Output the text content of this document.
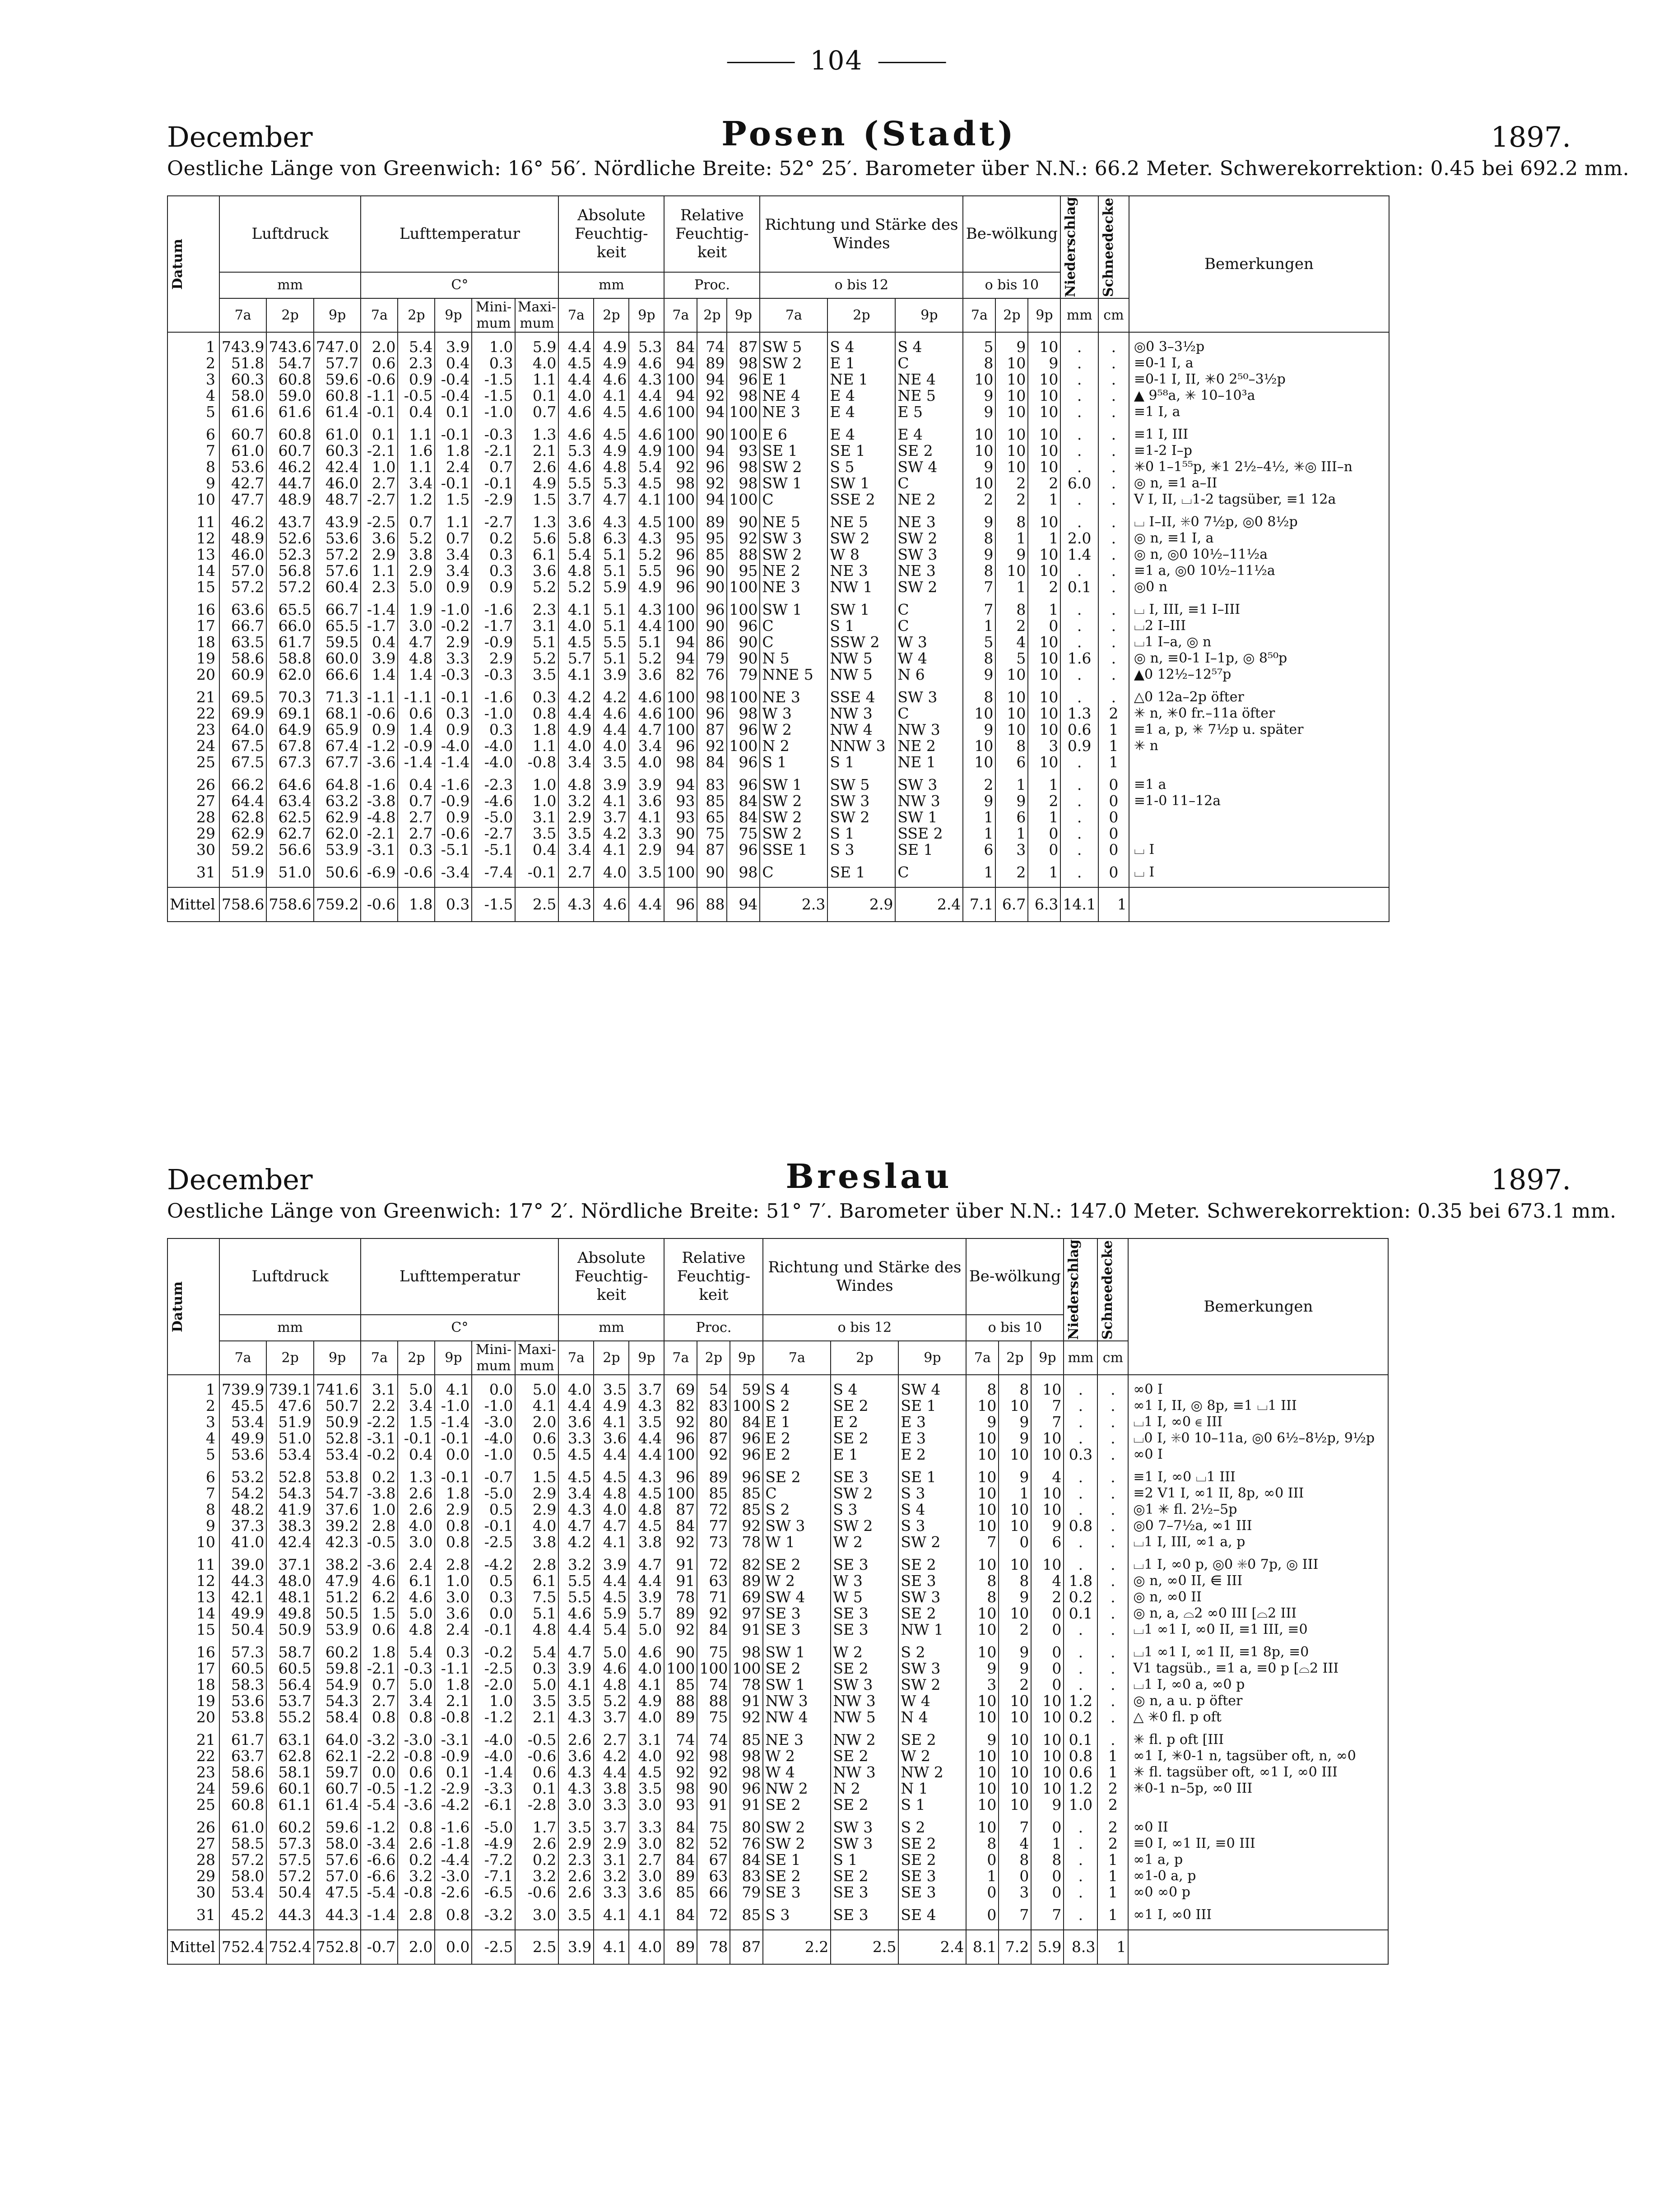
104
December	Posen (Stadt)	1897.
Oestliche Länge von Greenwich: 16° 56′. Nördliche Breite: 52° 25′. Barometer über N.N.: 66.2 Meter. Schwerekorrektion: 0.45 bei 692.2 mm.
Datum	Luftdruck			Lufttemperatur					Absolute Feuchtig-keit			Relative Feuchtig-keit			Richtung und Stärke des Windes			Be-wölkung			Niederschlag	Schneedecke	Bemerkungen
	mm			C°					mm			Proc.			o bis 12			o bis 10					
	7a	2p	9p	7a	2p	9p	Mini-mum	Maxi-mum	7a	2p	9p	7a	2p	9p	7a	2p	9p	7a	2p	9p	mm	cm	
1	743.9	743.6	747.0	2.0	5.4	3.9	1.0	5.9	4.4	4.9	5.3	84	74	87	SW 5	S 4	S 4	5	9	10	.	.	◎0 3–3½p
2	51.8	54.7	57.7	0.6	2.3	0.4	0.3	4.0	4.5	4.9	4.6	94	89	98	SW 2	E 1	C	8	10	9	.	.	≡0-1 I, a
3	60.3	60.8	59.6	-0.6	0.9	-0.4	-1.5	1.1	4.4	4.6	4.3	100	94	96	E 1	NE 1	NE 4	10	10	10	.	.	≡0-1 I, II, ✳0 2⁵⁰–3½p
4	58.0	59.0	60.8	-1.1	-0.5	-0.4	-1.5	0.1	4.0	4.1	4.4	94	92	98	NE 4	E 4	NE 5	9	10	10	.	.	▲ 9⁵⁸a, ✳ 10–10³a
5	61.6	61.6	61.4	-0.1	0.4	0.1	-1.0	0.7	4.6	4.5	4.6	100	94	100	NE 3	E 4	E 5	9	10	10	.	.	≡1 I, a
6	60.7	60.8	61.0	0.1	1.1	-0.1	-0.3	1.3	4.6	4.5	4.6	100	90	100	E 6	E 4	E 4	10	10	10	.	.	≡1 I, III
7	61.0	60.7	60.3	-2.1	1.6	1.8	-2.1	2.1	5.3	4.9	4.9	100	94	93	SE 1	SE 1	SE 2	10	10	10	.	.	≡1-2 I–p
8	53.6	46.2	42.4	1.0	1.1	2.4	0.7	2.6	4.6	4.8	5.4	92	96	98	SW 2	S 5	SW 4	9	10	10	.	.	✳0 1–1⁵⁵p, ✳1 2½–4½, ✳◎ III–n
9	42.7	44.7	46.0	2.7	3.4	-0.1	-0.1	4.9	5.5	5.3	4.5	98	92	98	SW 1	SW 1	C	10	2	2	6.0	.	◎ n, ≡1 a–II
10	47.7	48.9	48.7	-2.7	1.2	1.5	-2.9	1.5	3.7	4.7	4.1	100	94	100	C	SSE 2	NE 2	2	2	1	.	.	V I, II, ⌴1-2 tagsüber, ≡1 12a
11	46.2	43.7	43.9	-2.5	0.7	1.1	-2.7	1.3	3.6	4.3	4.5	100	89	90	NE 5	NE 5	NE 3	9	8	10	.	.	⌴ I–II, ✳0 7½p, ◎0 8½p
12	48.9	52.6	53.6	3.6	5.2	0.7	0.2	5.6	5.8	6.3	4.3	95	95	92	SW 3	SW 2	SW 2	8	1	1	2.0	.	◎ n, ≡1 I, a
13	46.0	52.3	57.2	2.9	3.8	3.4	0.3	6.1	5.4	5.1	5.2	96	85	88	SW 2	W 8	SW 3	9	9	10	1.4	.	◎ n, ◎0 10½–11½a
14	57.0	56.8	57.6	1.1	2.9	3.4	0.3	3.6	4.8	5.1	5.5	96	90	95	NE 2	NE 3	NE 3	8	10	10	.	.	≡1 a, ◎0 10½–11½a
15	57.2	57.2	60.4	2.3	5.0	0.9	0.9	5.2	5.2	5.9	4.9	96	90	100	NE 3	NW 1	SW 2	7	1	2	0.1	.	◎0 n
16	63.6	65.5	66.7	-1.4	1.9	-1.0	-1.6	2.3	4.1	5.1	4.3	100	96	100	SW 1	SW 1	C	7	8	1	.	.	⌴ I, III, ≡1 I–III
17	66.7	66.0	65.5	-1.7	3.0	-0.2	-1.7	3.1	4.0	5.1	4.4	100	90	96	C	S 1	C	1	2	0	.	.	⌴2 I–III
18	63.5	61.7	59.5	0.4	4.7	2.9	-0.9	5.1	4.5	5.5	5.1	94	86	90	C	SSW 2	W 3	5	4	10	.	.	⌴1 I–a, ◎ n
19	58.6	58.8	60.0	3.9	4.8	3.3	2.9	5.2	5.7	5.1	5.2	94	79	90	N 5	NW 5	W 4	8	5	10	1.6	.	◎ n, ≡0-1 I–1p, ◎ 8⁵⁰p
20	60.9	62.0	66.6	1.4	1.4	-0.3	-0.3	3.5	4.1	3.9	3.6	82	76	79	NNE 5	NW 5	N 6	9	10	10	.	.	▲0 12½–12⁵⁷p
21	69.5	70.3	71.3	-1.1	-1.1	-0.1	-1.6	0.3	4.2	4.2	4.6	100	98	100	NE 3	SSE 4	SW 3	8	10	10	.	.	△0 12a–2p öfter
22	69.9	69.1	68.1	-0.6	0.6	0.3	-1.0	0.8	4.4	4.6	4.6	100	96	98	W 3	NW 3	C	10	10	10	1.3	2	✳ n, ✳0 fr.–11a öfter
23	64.0	64.9	65.9	0.9	1.4	0.9	0.3	1.8	4.9	4.4	4.7	100	87	96	W 2	NW 4	NW 3	9	10	10	0.6	1	≡1 a, p, ✳ 7½p u. später
24	67.5	67.8	67.4	-1.2	-0.9	-4.0	-4.0	1.1	4.0	4.0	3.4	96	92	100	N 2	NNW 3	NE 2	10	8	3	0.9	1	✳ n
25	67.5	67.3	67.7	-3.6	-1.4	-1.4	-4.0	-0.8	3.4	3.5	4.0	98	84	96	S 1	S 1	NE 1	10	6	10	.	1	
26	66.2	64.6	64.8	-1.6	0.4	-1.6	-2.3	1.0	4.8	3.9	3.9	94	83	96	SW 1	SW 5	SW 3	2	1	1	.	0	≡1 a
27	64.4	63.4	63.2	-3.8	0.7	-0.9	-4.6	1.0	3.2	4.1	3.6	93	85	84	SW 2	SW 3	NW 3	9	9	2	.	0	≡1-0 11–12a
28	62.8	62.5	62.9	-4.8	2.7	0.9	-5.0	3.1	2.9	3.7	4.1	93	65	84	SW 2	SW 2	SW 1	1	6	1	.	0	
29	62.9	62.7	62.0	-2.1	2.7	-0.6	-2.7	3.5	3.5	4.2	3.3	90	75	75	SW 2	S 1	SSE 2	1	1	0	.	0	
30	59.2	56.6	53.9	-3.1	0.3	-5.1	-5.1	0.4	3.4	4.1	2.9	94	87	96	SSE 1	S 3	SE 1	6	3	0	.	0	⌴ I
31	51.9	51.0	50.6	-6.9	-0.6	-3.4	-7.4	-0.1	2.7	4.0	3.5	100	90	98	C	SE 1	C	1	2	1	.	0	⌴ I
Mittel	758.6	758.6	759.2	-0.6	1.8	0.3	-1.5	2.5	4.3	4.6	4.4	96	88	94	2.3	2.9	2.4	7.1	6.7	6.3	14.1	1	
December	Breslau	1897.
Oestliche Länge von Greenwich: 17° 2′. Nördliche Breite: 51° 7′. Barometer über N.N.: 147.0 Meter. Schwerekorrektion: 0.35 bei 673.1 mm.
Datum	Luftdruck			Lufttemperatur					Absolute Feuchtig-keit			Relative Feuchtig-keit			Richtung und Stärke des Windes			Be-wölkung			Niederschlag	Schneedecke	Bemerkungen
	mm			C°					mm			Proc.			o bis 12			o bis 10					
	7a	2p	9p	7a	2p	9p	Mini-mum	Maxi-mum	7a	2p	9p	7a	2p	9p	7a	2p	9p	7a	2p	9p	mm	cm	
1	739.9	739.1	741.6	3.1	5.0	4.1	0.0	5.0	4.0	3.5	3.7	69	54	59	S 4	S 4	SW 4	8	8	10	.	.	∞0 I
2	45.5	47.6	50.7	2.2	3.4	-1.0	-1.0	4.1	4.4	4.9	4.3	82	83	100	S 2	SE 2	SE 1	10	10	7	.	.	∞1 I, II, ◎ 8p, ≡1 ⌴1 III
3	53.4	51.9	50.9	-2.2	1.5	-1.4	-3.0	2.0	3.6	4.1	3.5	92	80	84	E 1	E 2	E 3	9	9	7	.	.	⌴1 I, ∞0 ⋹ III
4	49.9	51.0	52.8	-3.1	-0.1	-0.1	-4.0	0.6	3.3	3.6	4.4	96	87	96	E 2	SE 2	E 3	10	9	10	.	.	⌴0 I, ✳0 10–11a, ◎0 6½–8½p, 9½p
5	53.6	53.4	53.4	-0.2	0.4	0.0	-1.0	0.5	4.5	4.4	4.4	100	92	96	E 2	E 1	E 2	10	10	10	0.3	.	∞0 I
6	53.2	52.8	53.8	0.2	1.3	-0.1	-0.7	1.5	4.5	4.5	4.3	96	89	96	SE 2	SE 3	SE 1	10	9	4	.	.	≡1 I, ∞0 ⌴1 III
7	54.2	54.3	54.7	-3.8	2.6	1.8	-5.0	2.9	3.4	4.8	4.5	100	85	85	C	SW 2	S 3	10	1	10	.	.	≡2 V1 I, ∞1 II, 8p, ∞0 III
8	48.2	41.9	37.6	1.0	2.6	2.9	0.5	2.9	4.3	4.0	4.8	87	72	85	S 2	S 3	S 4	10	10	10	.	.	◎1 ✳ fl. 2½–5p
9	37.3	38.3	39.2	2.8	4.0	0.8	-0.1	4.0	4.7	4.7	4.5	84	77	92	SW 3	SW 2	S 3	10	10	9	0.8	.	◎0 7–7½a, ∞1 III
10	41.0	42.4	42.3	-0.5	3.0	0.8	-2.5	3.8	4.2	4.1	3.8	92	73	78	W 1	W 2	SW 2	7	0	6	.	.	⌴1 I, III, ∞1 a, p
11	39.0	37.1	38.2	-3.6	2.4	2.8	-4.2	2.8	3.2	3.9	4.7	91	72	82	SE 2	SE 3	SE 2	10	10	10	.	.	⌴1 I, ∞0 p, ◎0 ✳0 7p, ◎ III
12	44.3	48.0	47.9	4.6	6.1	1.0	0.5	6.1	5.5	4.4	4.4	91	63	89	W 2	W 3	SE 3	8	8	4	1.8	.	◎ n, ∞0 II, ⋹ III
13	42.1	48.1	51.2	6.2	4.6	3.0	0.3	7.5	5.5	4.5	3.9	78	71	69	SW 4	W 5	SW 3	8	9	2	0.2	.	◎ n, ∞0 II
14	49.9	49.8	50.5	1.5	5.0	3.6	0.0	5.1	4.6	5.9	5.7	89	92	97	SE 3	SE 3	SE 2	10	10	0	0.1	.	◎ n, a, ⌓2 ∞0 III [⌓2 III
15	50.4	50.9	53.9	0.6	4.8	2.4	-0.1	4.8	4.4	5.4	5.0	92	84	91	SE 3	SE 3	NW 1	10	2	0	.	.	⌴1 ∞1 I, ∞0 II, ≡1 III, ≡0
16	57.3	58.7	60.2	1.8	5.4	0.3	-0.2	5.4	4.7	5.0	4.6	90	75	98	SW 1	W 2	S 2	10	9	0	.	.	⌴1 ∞1 I, ∞1 II, ≡1 8p, ≡0
17	60.5	60.5	59.8	-2.1	-0.3	-1.1	-2.5	0.3	3.9	4.6	4.0	100	100	100	SE 2	SE 2	SW 3	9	9	0	.	.	V1 tagsüb., ≡1 a, ≡0 p [⌓2 III
18	58.3	56.4	54.9	0.7	5.0	1.8	-2.0	5.0	4.1	4.8	4.1	85	74	78	SW 1	SW 3	SW 2	3	2	0	.	.	⌴1 I, ∞0 a, ∞0 p
19	53.6	53.7	54.3	2.7	3.4	2.1	1.0	3.5	3.5	5.2	4.9	88	88	91	NW 3	NW 3	W 4	10	10	10	1.2	.	◎ n, a u. p öfter
20	53.8	55.2	58.4	0.8	0.8	-0.8	-1.2	2.1	4.3	3.7	4.0	89	75	92	NW 4	NW 5	N 4	10	10	10	0.2	.	△ ✳0 fl. p oft
21	61.7	63.1	64.0	-3.2	-3.0	-3.1	-4.0	-0.5	2.6	2.7	3.1	74	74	85	NE 3	NW 2	SE 2	9	10	10	0.1	.	✳ fl. p oft [III
22	63.7	62.8	62.1	-2.2	-0.8	-0.9	-4.0	-0.6	3.6	4.2	4.0	92	98	98	W 2	SE 2	W 2	10	10	10	0.8	1	∞1 I, ✳0-1 n, tagsüber oft, n, ∞0
23	58.6	58.1	59.7	0.0	0.6	0.1	-1.4	0.6	4.3	4.4	4.5	92	92	98	W 4	NW 3	NW 2	10	10	10	0.6	1	✳ fl. tagsüber oft, ∞1 I, ∞0 III
24	59.6	60.1	60.7	-0.5	-1.2	-2.9	-3.3	0.1	4.3	3.8	3.5	98	90	96	NW 2	N 2	N 1	10	10	10	1.2	2	✳0-1 n–5p, ∞0 III
25	60.8	61.1	61.4	-5.4	-3.6	-4.2	-6.1	-2.8	3.0	3.3	3.0	93	91	91	SE 2	SE 2	S 1	10	10	9	1.0	2	
26	61.0	60.2	59.6	-1.2	0.8	-1.6	-5.0	1.7	3.5	3.7	3.3	84	75	80	SW 2	SW 3	S 2	10	7	0	.	2	∞0 II
27	58.5	57.3	58.0	-3.4	2.6	-1.8	-4.9	2.6	2.9	2.9	3.0	82	52	76	SW 2	SW 3	SE 2	8	4	1	.	2	≡0 I, ∞1 II, ≡0 III
28	57.2	57.5	57.6	-6.6	0.2	-4.4	-7.2	0.2	2.3	3.1	2.7	84	67	84	SE 1	S 1	SE 2	0	8	8	.	1	∞1 a, p
29	58.0	57.2	57.0	-6.6	3.2	-3.0	-7.1	3.2	2.6	3.2	3.0	89	63	83	SE 2	SE 2	SE 3	1	0	0	.	1	∞1-0 a, p
30	53.4	50.4	47.5	-5.4	-0.8	-2.6	-6.5	-0.6	2.6	3.3	3.6	85	66	79	SE 3	SE 3	SE 3	0	3	0	.	1	∞0 ∞0 p
31	45.2	44.3	44.3	-1.4	2.8	0.8	-3.2	3.0	3.5	4.1	4.1	84	72	85	S 3	SE 3	SE 4	0	7	7	.	1	∞1 I, ∞0 III
Mittel	752.4	752.4	752.8	-0.7	2.0	0.0	-2.5	2.5	3.9	4.1	4.0	89	78	87	2.2	2.5	2.4	8.1	7.2	5.9	8.3	1	
